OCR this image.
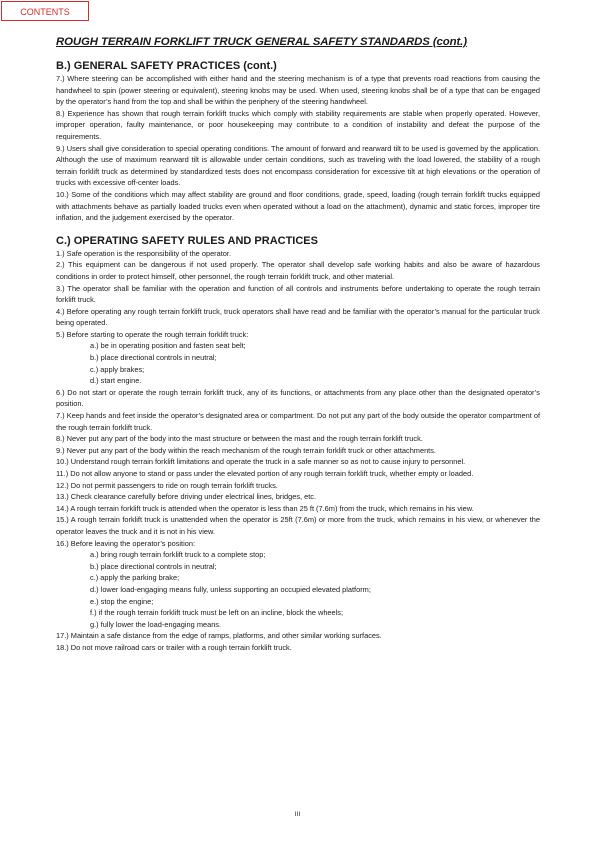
CONTENTS
ROUGH TERRAIN FORKLIFT TRUCK GENERAL SAFETY STANDARDS (cont.)
B.) GENERAL SAFETY PRACTICES (cont.)

7.) Where steering can be accomplished with either hand and the steering mechanism is of a type that prevents road reactions from causing the handwheel to spin (power steering or equivalent), steering knobs may be used. When used, steering knobs shall be of a type that can be engaged by the operator’s hand from the top and shall be within the periphery of the steering handwheel.

8.) Experience has shown that rough terrain forklift trucks which comply with stability requirements are stable when properly operated. However, improper operation, faulty maintenance, or poor housekeeping may contribute to a condition of instability and defeat the purpose of the requirements.

9.) Users shall give consideration to special operating conditions. The amount of forward and rearward tilt to be used is governed by the application. Although the use of maximum rearward tilt is allowable under certain conditions, such as traveling with the load lowered, the stability of a rough terrain forklift truck as determined by standardized tests does not encompass consideration for excessive tilt at high elevations or the operation of trucks with excessive off-center loads.

10.) Some of the conditions which may affect stability are ground and floor conditions, grade, speed, loading (rough terrain forklift trucks equipped with attachments behave as partially loaded trucks even when operated without a load on the attachment), dynamic and static forces, improper tire inflation, and the judgement exercised by the operator.

C.) OPERATING SAFETY RULES AND PRACTICES

1.) Safe operation is the responsibility of the operator.

2.) This equipment can be dangerous if not used properly. The operator shall develop safe working habits and also be aware of hazardous conditions in order to protect himself, other personnel, the rough terrain forklift truck, and other material.

3.) The operator shall be familiar with the operation and function of all controls and instruments before undertaking to operate the rough terrain forklift truck.

4.) Before operating any rough terrain forklift truck, truck operators shall have read and be familiar with the operator’s manual for the particular truck being operated.

5.) Before starting to operate the rough terrain forklift truck:

a.) be in operating position and fasten seat belt;

b.) place directional controls in neutral;

c.) apply brakes;

d.) start engine.

6.) Do not start or operate the rough terrain forklift truck, any of its functions, or attachments from any place other than the designated operator’s position.

7.) Keep hands and feet inside the operator’s designated area or compartment. Do not put any part of the body outside the operator compartment of the rough terrain forklift truck.

8.) Never put any part of the body into the mast structure or between the mast and the rough terrain forklift truck.

9.) Never put any part of the body within the reach mechanism of the rough terrain forklift truck or other attachments.

10.) Understand rough terrain forklift limitations and operate the truck in a safe manner so as not to cause injury to personnel.

11.) Do not allow anyone to stand or pass under the elevated portion of any rough terrain forklift truck, whether empty or loaded.

12.) Do not permit passengers to ride on rough terrain forklift trucks.

13.) Check clearance carefully before driving under electrical lines, bridges, etc.

14.) A rough terrain forklift truck is attended when the operator is less than 25 ft (7.6m) from the truck, which remains in his view.

15.) A rough terrain forklift truck is unattended when the operator is 25ft (7.6m) or more from the truck, which remains in his view, or whenever the operator leaves the truck and it is not in his view.

16.) Before leaving the operator’s position:

a.) bring rough terrain forklift truck to a complete stop;

b.) place directional controls in neutral;

c.) apply the parking brake;

d.) lower load-engaging means fully, unless supporting an occupied elevated platform;

e.) stop the engine;

f.) if the rough terrain forklift truck must be left on an incline, block the wheels;

g.) fully lower the load-engaging means.

17.) Maintain a safe distance from the edge of ramps, platforms, and other similar working surfaces.

18.) Do not move railroad cars or trailer with a rough terrain forklift truck.

III
